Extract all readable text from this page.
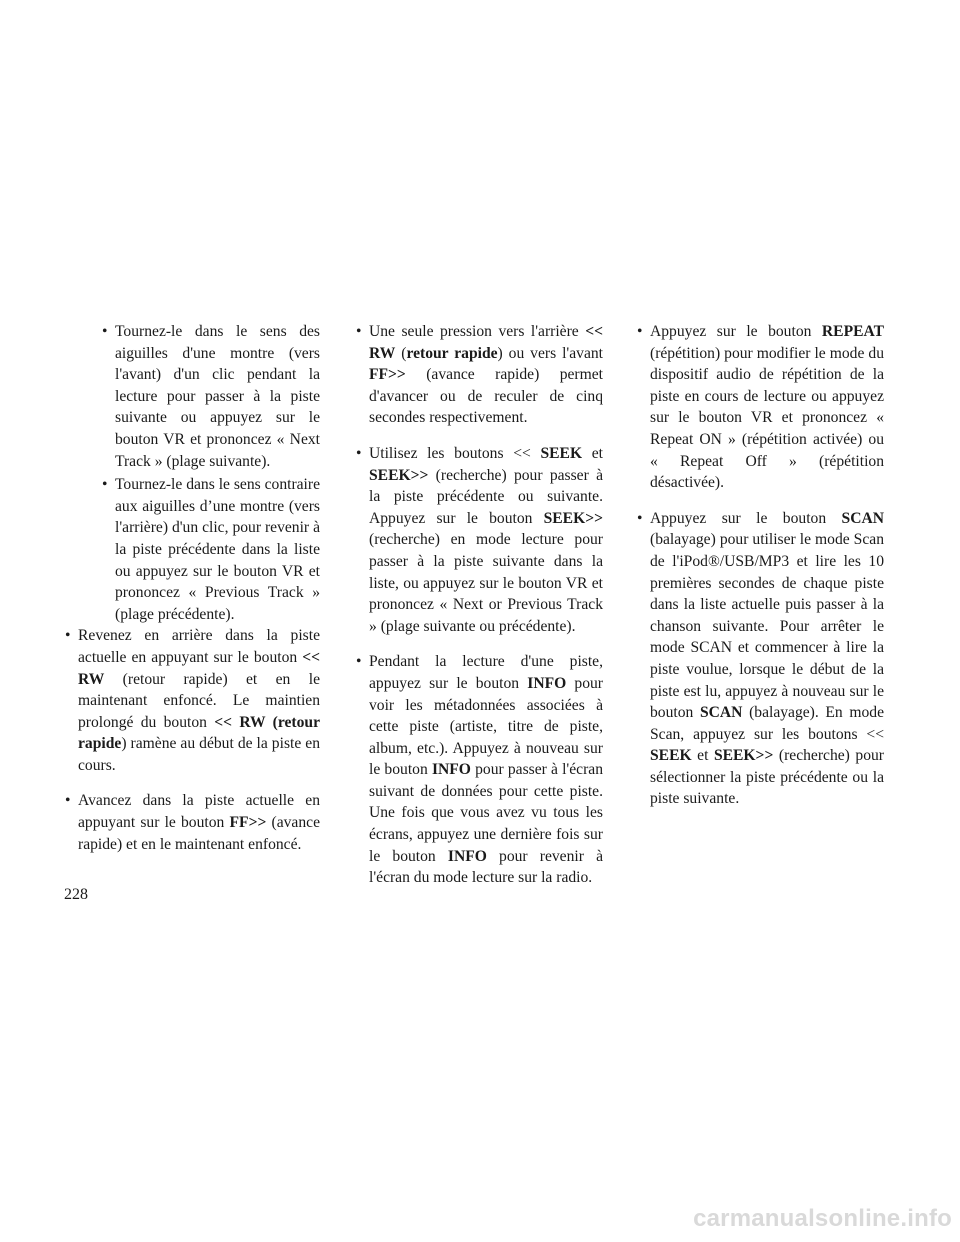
• Tournez-le dans le sens des aiguilles d'une montre (vers l'avant) d'un clic pendant la lecture pour passer à la piste suivante ou appuyez sur le bouton VR et prononcez « Next Track » (plage suivante).

• Tournez-le dans le sens contraire aux aiguilles d’une montre (vers l'arrière) d'un clic, pour revenir à la piste précédente dans la liste ou appuyez sur le bouton VR et prononcez « Previous Track » (plage précédente).

• Revenez en arrière dans la piste actuelle en appuyant sur le bouton << RW (retour rapide) et en le maintenant enfoncé. Le maintien prolongé du bouton << RW (retour rapide) ramène au début de la piste en cours.

• Avancez dans la piste actuelle en appuyant sur le bouton FF>> (avance rapide) et en le maintenant enfoncé.

• Une seule pression vers l'arrière << RW (retour rapide) ou vers l'avant FF>> (avance rapide) permet d'avancer ou de reculer de cinq secondes respectivement.

• Utilisez les boutons << SEEK et SEEK>> (recherche) pour passer à la piste précédente ou suivante. Appuyez sur le bouton SEEK>> (recherche) en mode lecture pour passer à la piste suivante dans la liste, ou appuyez sur le bouton VR et prononcez « Next or Previous Track » (plage suivante ou précédente).

• Pendant la lecture d'une piste, appuyez sur le bouton INFO pour voir les métadonnées associées à cette piste (artiste, titre de piste, album, etc.). Appuyez à nouveau sur le bouton INFO pour passer à l'écran suivant de données pour cette piste. Une fois que vous avez vu tous les écrans, appuyez une dernière fois sur le bouton INFO pour revenir à l'écran du mode lecture sur la radio.

• Appuyez sur le bouton REPEAT (répétition) pour modifier le mode du dispositif audio de répétition de la piste en cours de lecture ou appuyez sur le bouton VR et prononcez « Repeat ON » (répétition activée) ou « Repeat Off » (répétition désactivée).

• Appuyez sur le bouton SCAN (balayage) pour utiliser le mode Scan de l'iPod®/USB/MP3 et lire les 10 premières secondes de chaque piste dans la liste actuelle puis passer à la chanson suivante. Pour arrêter le mode SCAN et commencer à lire la piste voulue, lorsque le début de la piste est lu, appuyez à nouveau sur le bouton SCAN (balayage). En mode Scan, appuyez sur les boutons << SEEK et SEEK>> (recherche) pour sélectionner la piste précédente ou la piste suivante.

228
carmanualsonline.info
